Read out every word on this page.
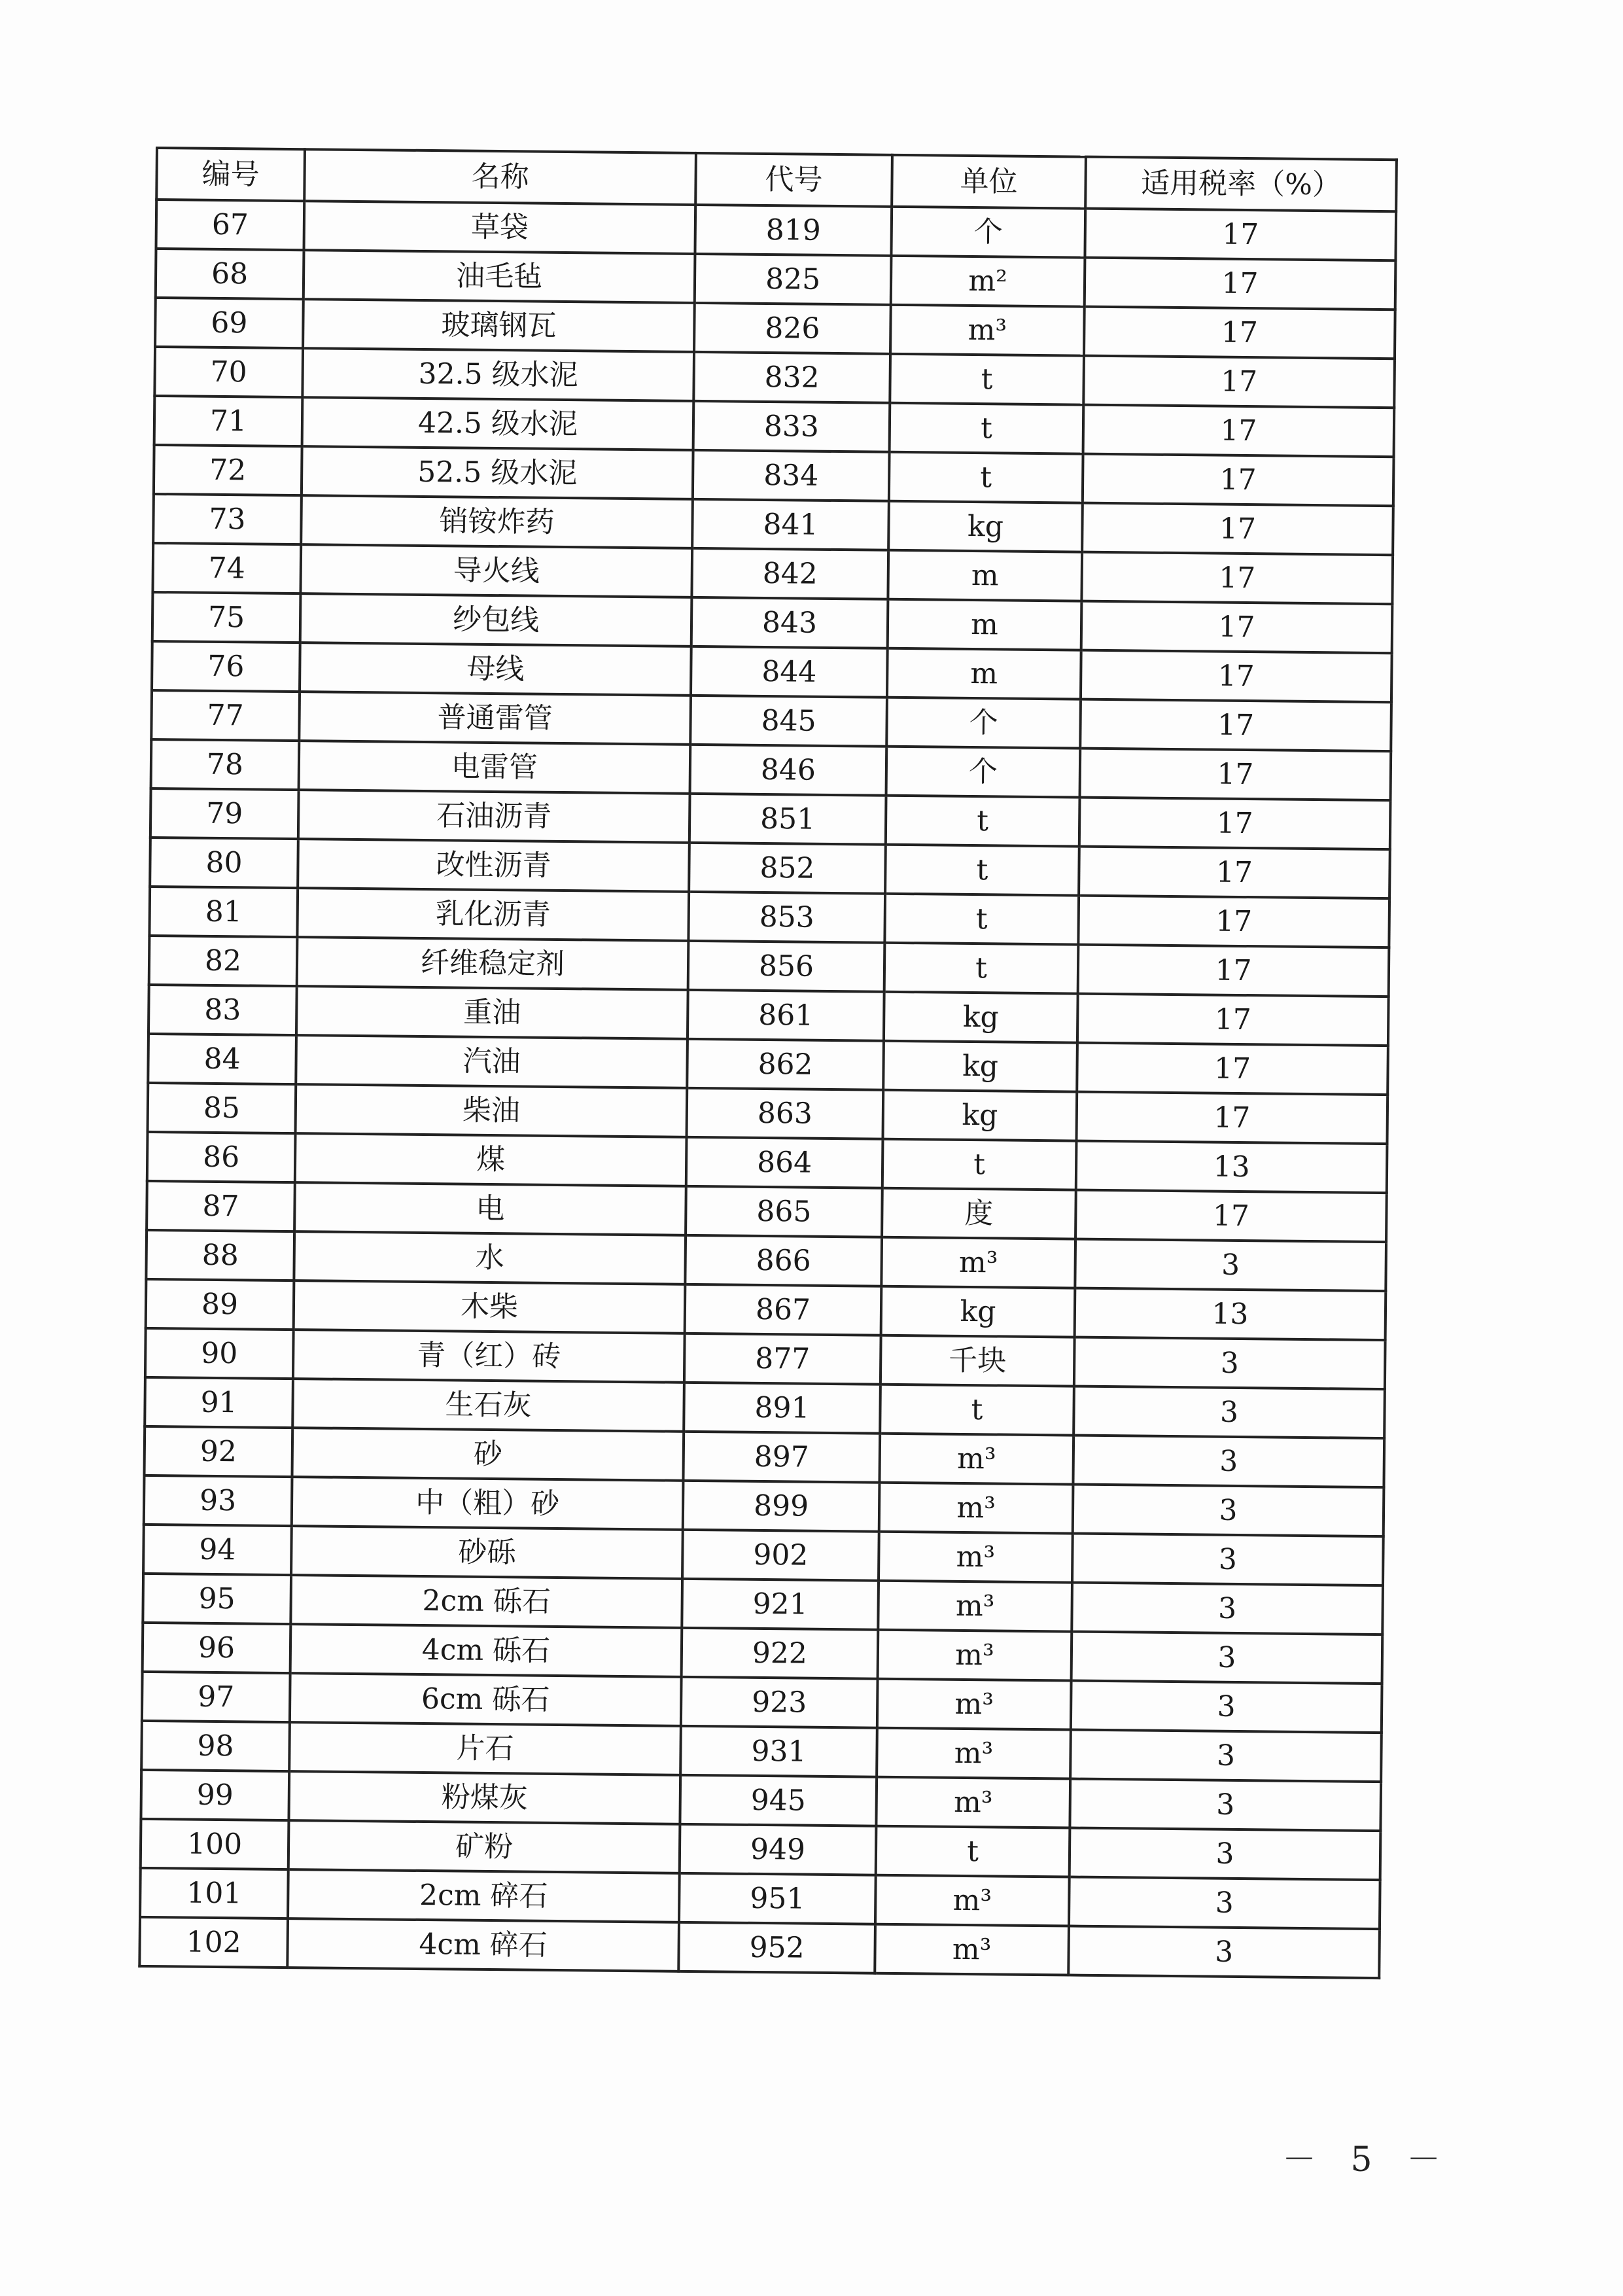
编号	名称	代号	单位	适用税率（%）
67	草袋	819	个	17
68	油毛毡	825	m²	17
69	玻璃钢瓦	826	m³	17
70	32.5 级水泥	832	t	17
71	42.5 级水泥	833	t	17
72	52.5 级水泥	834	t	17
73	销铵炸药	841	kg	17
74	导火线	842	m	17
75	纱包线	843	m	17
76	母线	844	m	17
77	普通雷管	845	个	17
78	电雷管	846	个	17
79	石油沥青	851	t	17
80	改性沥青	852	t	17
81	乳化沥青	853	t	17
82	纤维稳定剂	856	t	17
83	重油	861	kg	17
84	汽油	862	kg	17
85	柴油	863	kg	17
86	煤	864	t	13
87	电	865	度	17
88	水	866	m³	3
89	木柴	867	kg	13
90	青（红）砖	877	千块	3
91	生石灰	891	t	3
92	砂	897	m³	3
93	中（粗）砂	899	m³	3
94	砂砾	902	m³	3
95	2cm 砾石	921	m³	3
96	4cm 砾石	922	m³	3
97	6cm 砾石	923	m³	3
98	片石	931	m³	3
99	粉煤灰	945	m³	3
100	矿粉	949	t	3
101	2cm 碎石	951	m³	3
102	4cm 碎石	952	m³	3
－ 5 －
